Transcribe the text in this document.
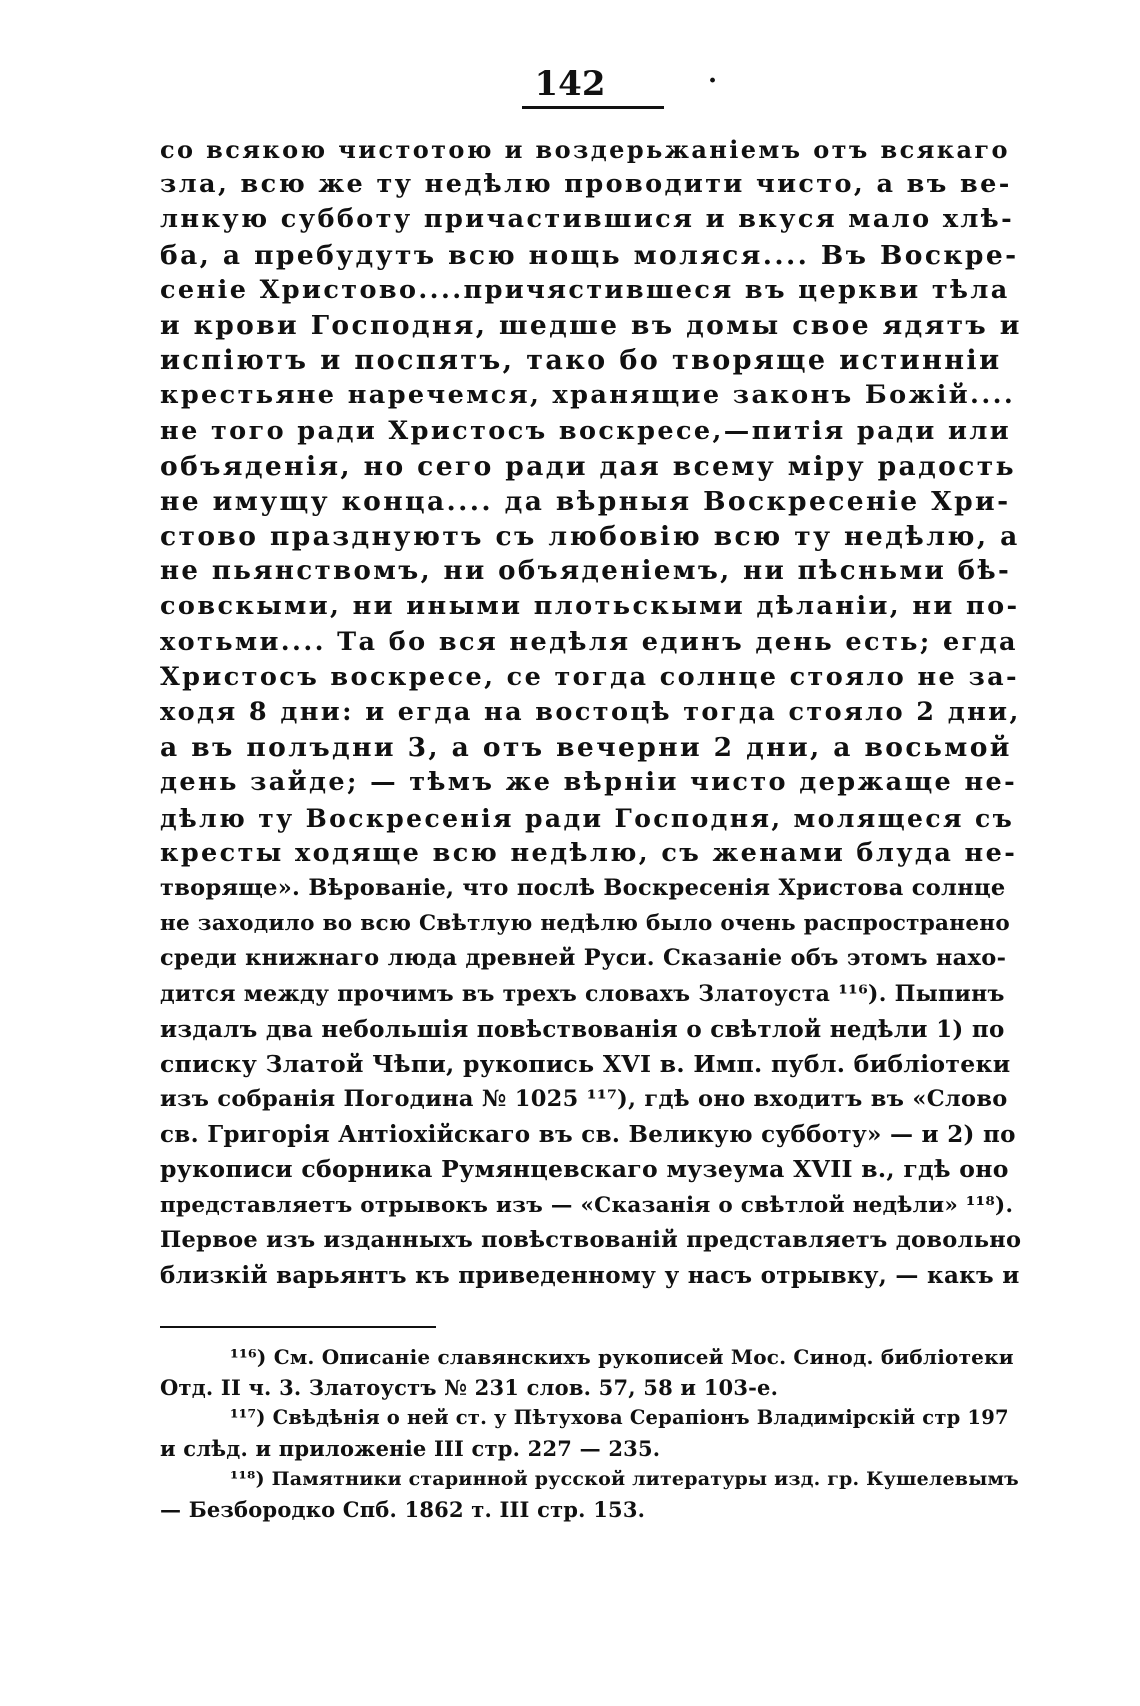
142	·
со всякою чистотою и воздерьжанiемъ отъ всякаго
зла, всю же ту недѣлю проводити чисто, а въ ве-
лнкую субботу причастившися и вкуся мало хлѣ-
ба, а пребудутъ всю нощь моляся.... Въ Воскре-
сенiе Христово....причястившеся въ церкви тѣла
и крови Господня, шедше въ домы свое ядятъ и
испiютъ и поспятъ, тако бо творяще истиннiи
крестьяне наречемся, хранящие законъ Божiй....
не того ради Христосъ воскресе,—питiя ради или
объяденiя, но сего ради дая всему мiру радость
не имущу конца.... да вѣрныя Воскресенiе Хри-
стово празднуютъ съ любовiю всю ту недѣлю, а
не пьянствомъ, ни объяденiемъ, ни пѣсньми бѣ-
совскыми, ни иными плотьскыми дѣланiи, ни по-
хотьми.... Та бо вся недѣля единъ день есть; егда
Христосъ воскресе, се тогда солнце стояло не за-
ходя 8 дни: и егда на востоцѣ тогда стояло 2 дни,
а въ полъдни 3, а отъ вечерни 2 дни, а восьмой
день зайде; — тѣмъ же вѣрнiи чисто держаще не-
дѣлю ту Воскресенiя ради Господня, молящеся съ
кресты ходяще всю недѣлю, съ женами блуда не-
творяще». Вѣрованiе, что послѣ Воскресенiя Христова солнце
не заходило во всю Свѣтлую недѣлю было очень распространено
среди книжнаго люда древней Руси. Сказанiе объ этомъ нахо-
дится между прочимъ въ трехъ словахъ Златоуста ¹¹⁶). Пыпинъ
издалъ два небольшiя повѣствованiя о свѣтлой недѣли 1) по
списку Златой Чѣпи, рукопись XVI в. Имп. публ. библiотеки
изъ собранiя Погодина № 1025 ¹¹⁷), гдѣ оно входитъ въ «Слово
св. Григорiя Антiохiйскаго въ св. Великую субботу» — и 2) по
рукописи сборника Румянцевскаго музеума XVII в., гдѣ оно
представляетъ отрывокъ изъ — «Сказанiя о свѣтлой недѣли» ¹¹⁸).
Первое изъ изданныхъ повѣствованiй представляетъ довольно
близкiй варьянтъ къ приведенному у насъ отрывку, — какъ и
¹¹⁶) См. Описанiе славянскихъ рукописей Мос. Синод. библiотеки
Отд. II ч. 3. Златоустъ № 231 слов. 57, 58 и 103-е.
¹¹⁷) Свѣдѣнiя о ней ст. у Пѣтухова Серапiонъ Владимiрскiй стр 197
и слѣд. и приложенiе III стр. 227 — 235.
¹¹⁸) Памятники старинной русской литературы изд. гр. Кушелевымъ
— Безбородко Спб. 1862 т. III стр. 153.
